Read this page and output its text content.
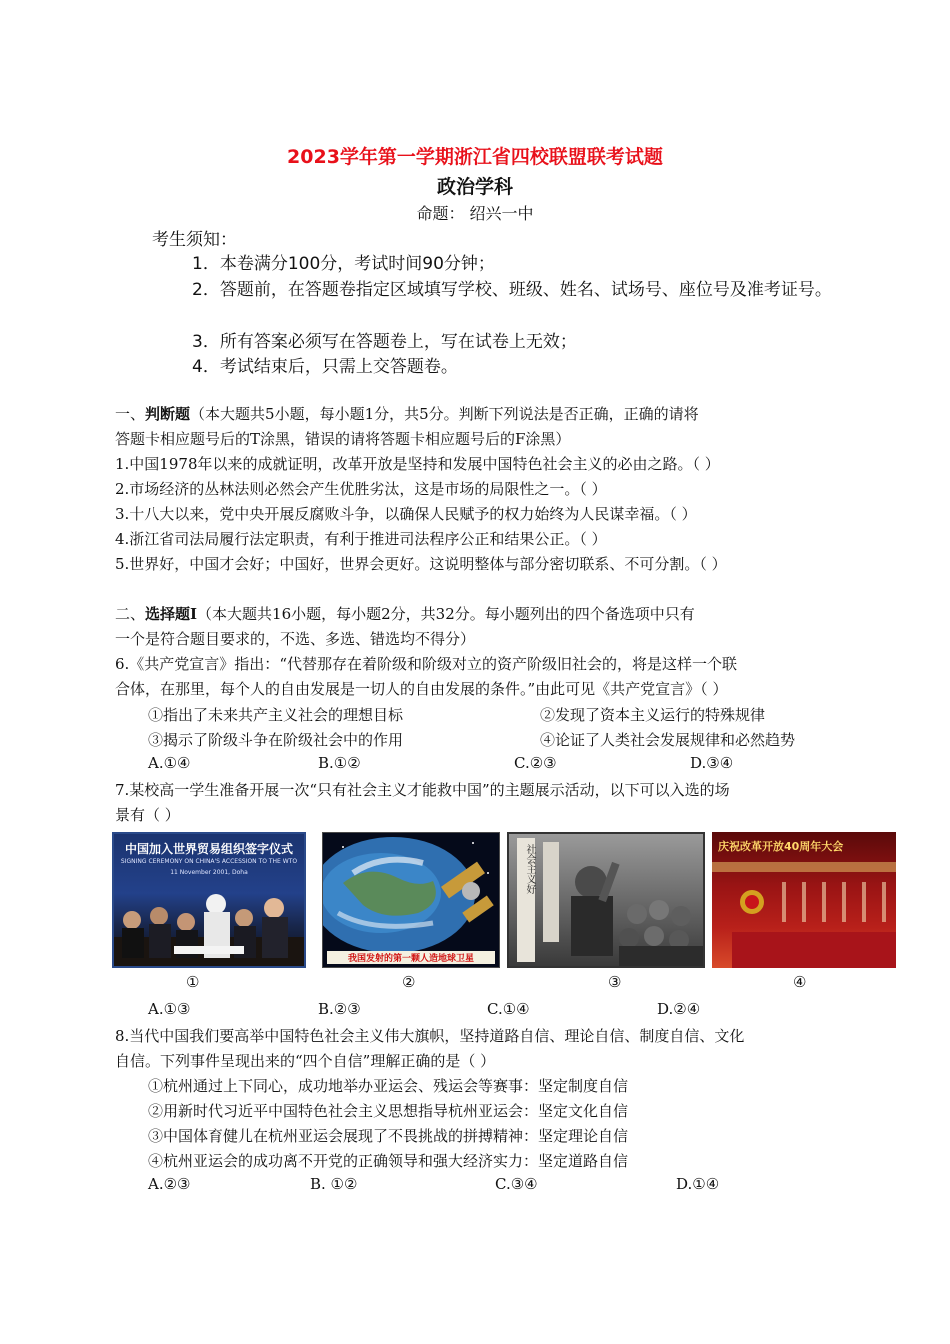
2023学年第一学期浙江省四校联盟联考试题
政治学科
命题： 绍兴一中
考生须知：
1．本卷满分100分，考试时间90分钟；
2．答题前，在答题卷指定区域填写学校、班级、姓名、试场号、座位号及准考证号。
3．所有答案必须写在答题卷上，写在试卷上无效；
4．考试结束后，只需上交答题卷。
一、判断题（本大题共5小题，每小题1分，共5分。判断下列说法是否正确，正确的请将
答题卡相应题号后的T涂黑，错误的请将答题卡相应题号后的F涂黑）
1.中国1978年以来的成就证明，改革开放是坚持和发展中国特色社会主义的必由之路。（ ）
2.市场经济的丛林法则必然会产生优胜劣汰，这是市场的局限性之一。（ ）
3.十八大以来，党中央开展反腐败斗争，以确保人民赋予的权力始终为人民谋幸福。（ ）
4.浙江省司法局履行法定职责，有利于推进司法程序公正和结果公正。（ ）
5.世界好，中国才会好；中国好，世界会更好。这说明整体与部分密切联系、不可分割。（ ）
二、选择题Ⅰ（本大题共16小题，每小题2分，共32分。每小题列出的四个备选项中只有
一个是符合题目要求的，不选、多选、错选均不得分）
6.《共产党宣言》指出：“代替那存在着阶级和阶级对立的资产阶级旧社会的，将是这样一个联
合体，在那里，每个人的自由发展是一切人的自由发展的条件。”由此可见《共产党宣言》（ ）
①指出了未来共产主义社会的理想目标	②发现了资本主义运行的特殊规律
③揭示了阶级斗争在阶级社会中的作用	④论证了人类社会发展规律和必然趋势
A.①④	B.①②	C.②③	D.③④
7.某校高一学生准备开展一次“只有社会主义才能救中国”的主题展示活动，以下可以入选的场
景有（ ）
中国加入世界贸易组织签字仪式
SIGNING CEREMONY ON CHINA'S ACCESSION TO THE WTO
11 November 2001, Doha
我国发射的第一颗人造地球卫星
社会主义好	庆祝改革开放40周年大会
①	②	③	④
A.①③	B.②③	C.①④	D.②④
8.当代中国我们要高举中国特色社会主义伟大旗帜，坚持道路自信、理论自信、制度自信、文化
自信。下列事件呈现出来的“四个自信”理解正确的是（ ）
①杭州通过上下同心，成功地举办亚运会、残运会等赛事：坚定制度自信
②用新时代习近平中国特色社会主义思想指导杭州亚运会：坚定文化自信
③中国体育健儿在杭州亚运会展现了不畏挑战的拼搏精神：坚定理论自信
④杭州亚运会的成功离不开党的正确领导和强大经济实力：坚定道路自信
A.②③	B. ①②	C.③④	D.①④
